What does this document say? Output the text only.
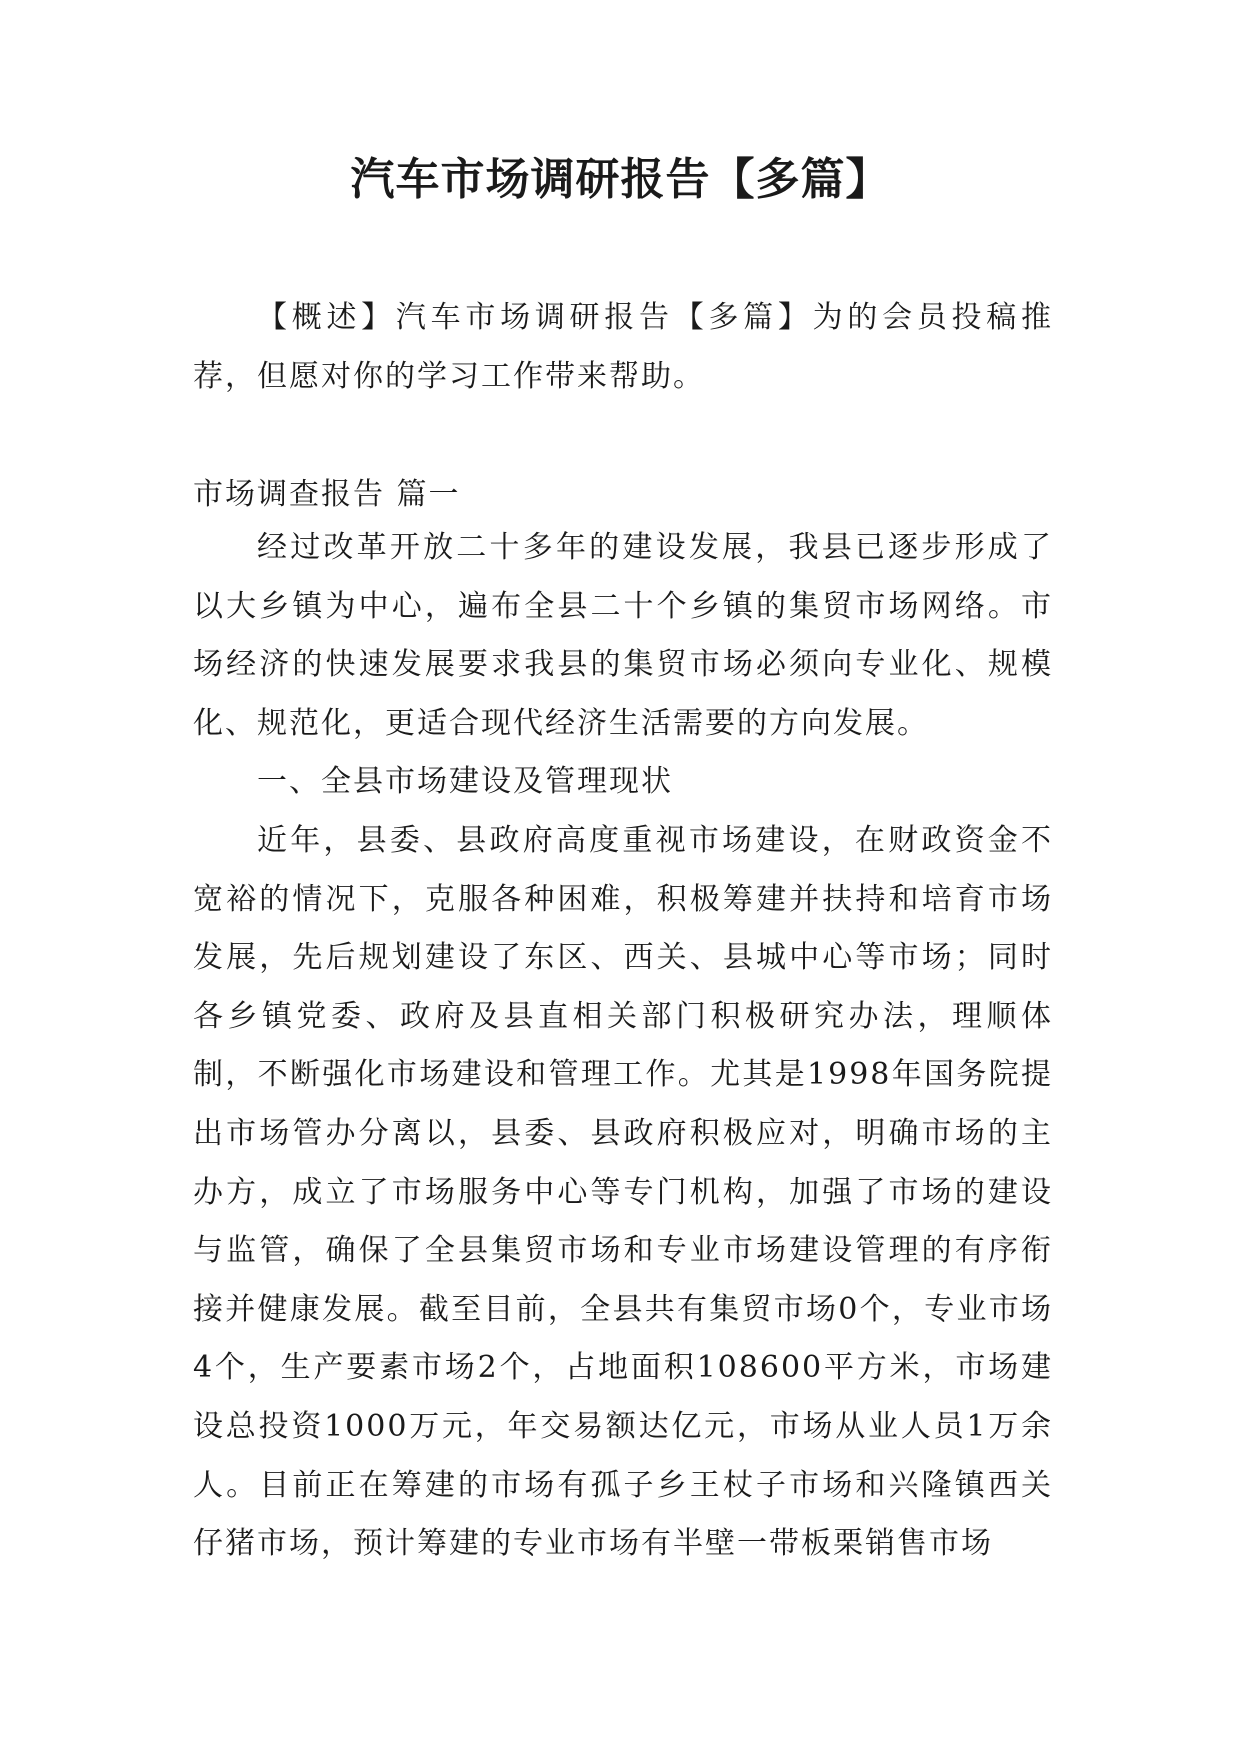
汽车市场调研报告【多篇】

【概述】汽车市场调研报告【多篇】为的会员投稿推荐，但愿对你的学习工作带来帮助。

市场调查报告 篇一

经过改革开放二十多年的建设发展，我县已逐步形成了以大乡镇为中心，遍布全县二十个乡镇的集贸市场网络。市场经济的快速发展要求我县的集贸市场必须向专业化、规模化、规范化，更适合现代经济生活需要的方向发展。

一、全县市场建设及管理现状

近年，县委、县政府高度重视市场建设，在财政资金不宽裕的情况下，克服各种困难，积极筹建并扶持和培育市场发展，先后规划建设了东区、西关、县城中心等市场；同时各乡镇党委、政府及县直相关部门积极研究办法，理顺体制，不断强化市场建设和管理工作。尤其是1998年国务院提出市场管办分离以，县委、县政府积极应对，明确市场的主办方，成立了市场服务中心等专门机构，加强了市场的建设与监管，确保了全县集贸市场和专业市场建设管理的有序衔接并健康发展。截至目前，全县共有集贸市场0个，专业市场4个，生产要素市场2个，占地面积108600平方米，市场建设总投资1000万元，年交易额达亿元，市场从业人员1万余人。目前正在筹建的市场有孤子乡王杖子市场和兴隆镇西关仔猪市场，预计筹建的专业市场有半壁一带板栗销售市场
